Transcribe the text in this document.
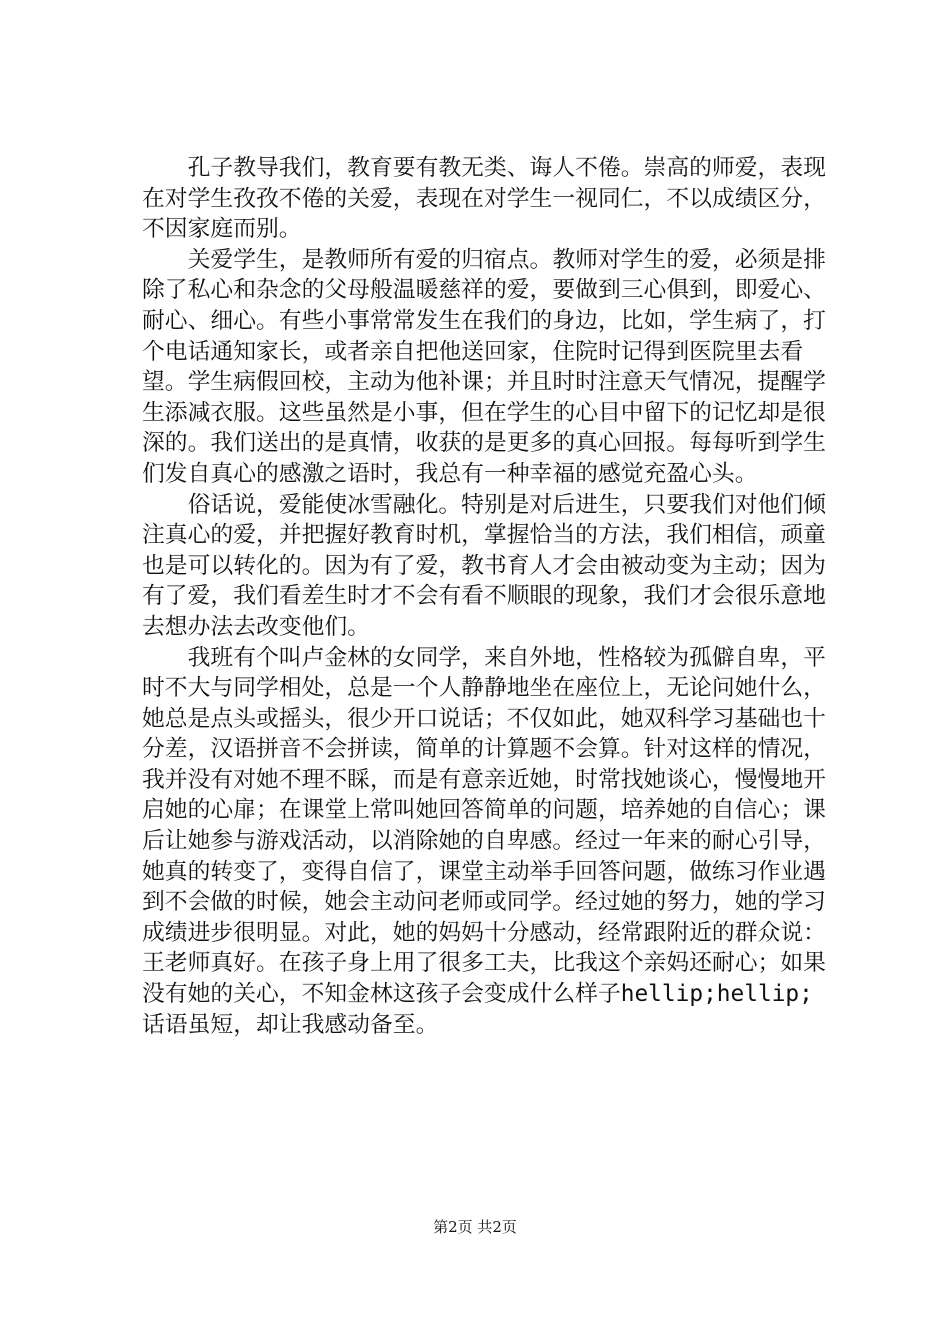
孔子教导我们，教育要有教无类、诲人不倦。崇高的师爱，表现在对学生孜孜不倦的关爱，表现在对学生一视同仁，不以成绩区分，不因家庭而别。

关爱学生，是教师所有爱的归宿点。教师对学生的爱，必须是排除了私心和杂念的父母般温暖慈祥的爱，要做到三心俱到，即爱心、耐心、细心。有些小事常常发生在我们的身边，比如，学生病了，打个电话通知家长，或者亲自把他送回家，住院时记得到医院里去看望。学生病假回校，主动为他补课；并且时时注意天气情况，提醒学生添减衣服。这些虽然是小事，但在学生的心目中留下的记忆却是很深的。我们送出的是真情，收获的是更多的真心回报。每每听到学生们发自真心的感激之语时，我总有一种幸福的感觉充盈心头。

俗话说，爱能使冰雪融化。特别是对后进生，只要我们对他们倾注真心的爱，并把握好教育时机，掌握恰当的方法，我们相信，顽童也是可以转化的。因为有了爱，教书育人才会由被动变为主动；因为有了爱，我们看差生时才不会有看不顺眼的现象，我们才会很乐意地去想办法去改变他们。

我班有个叫卢金林的女同学，来自外地，性格较为孤僻自卑，平时不大与同学相处，总是一个人静静地坐在座位上，无论问她什么，她总是点头或摇头，很少开口说话；不仅如此，她双科学习基础也十分差，汉语拼音不会拼读，简单的计算题不会算。针对这样的情况，我并没有对她不理不睬，而是有意亲近她，时常找她谈心，慢慢地开启她的心扉；在课堂上常叫她回答简单的问题，培养她的自信心；课后让她参与游戏活动，以消除她的自卑感。经过一年来的耐心引导，她真的转变了，变得自信了，课堂主动举手回答问题，做练习作业遇到不会做的时候，她会主动问老师或同学。经过她的努力，她的学习成绩进步很明显。对此，她的妈妈十分感动，经常跟附近的群众说：王老师真好。在孩子身上用了很多工夫，比我这个亲妈还耐心；如果没有她的关心，不知金林这孩子会变成什么样子hellip;hellip;话语虽短，却让我感动备至。

第2页 共2页
